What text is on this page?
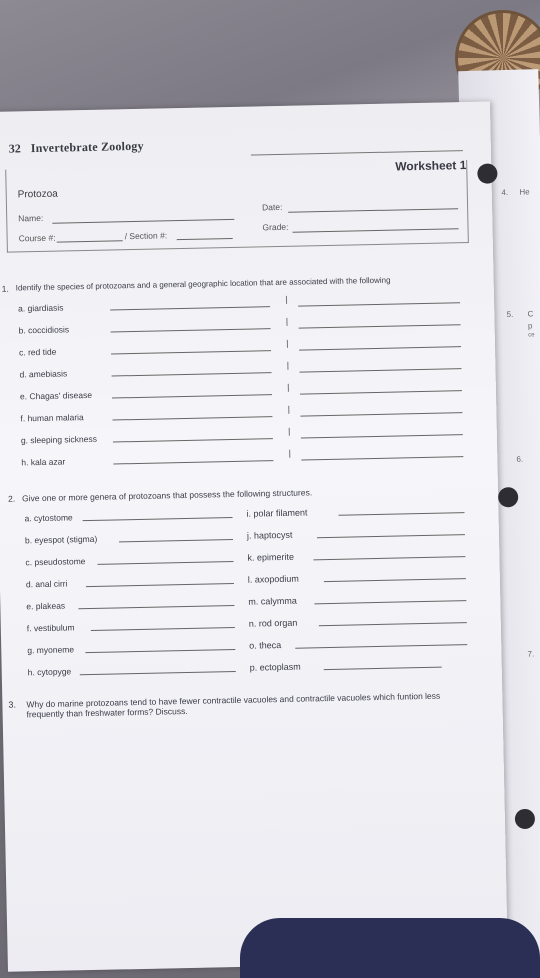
4. He
5. C
p
ce
6.
7.
32 Invertebrate Zoology
Worksheet 1
Protozoa
Name:
Course #:	/ Section #:
Date:
Grade:
1. Identify the species of protozoans and a general geographic location that are associated with the following
a. giardiasis
b. coccidiosis
c. red tide
d. amebiasis
e. Chagas' disease
f. human malaria
g. sleeping sickness
h. kala azar
2. Give one or more genera of protozoans that possess the following structures.
a. cytostome
b. eyespot (stigma)
c. pseudostome
d. anal cirri
e. plakeas
f. vestibulum
g. myoneme
h. cytopyge
i. polar filament
j. haptocyst
k. epimerite
l. axopodium
m. calymma
n. rod organ
o. theca
p. ectoplasm
3. Why do marine protozoans tend to have fewer contractile vacuoles and contractile vacuoles which funtion less
frequently than freshwater forms? Discuss.
